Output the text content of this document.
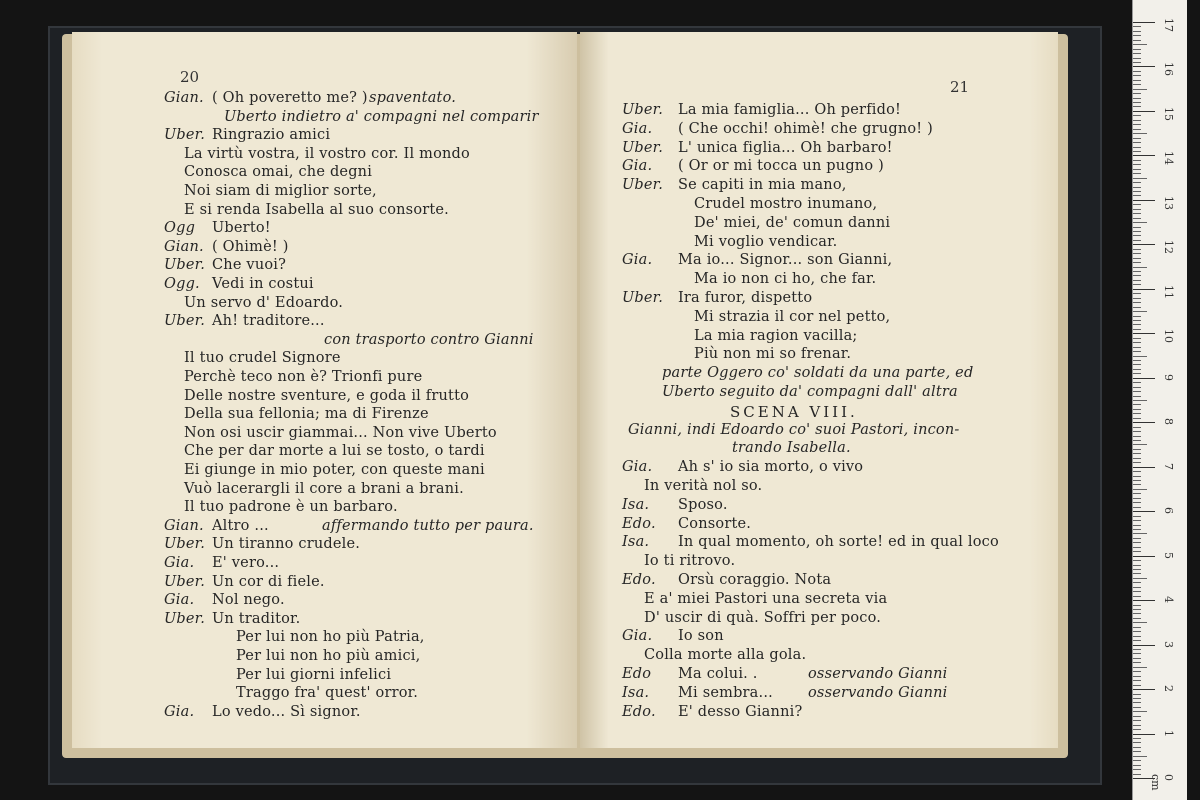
20
Gian. ( Oh poveretto me? ) spaventato.
Uberto indietro a' compagni nel comparir
Uber. Ringrazio amici
La virtù vostra, il vostro cor. Il mondo
Conosca omai, che degni
Noi siam di miglior sorte,
E si renda Isabella al suo consorte.
Ogg Uberto!
Gian. ( Ohimè! )
Uber. Che vuoi?
Ogg. Vedi in costui
Un servo d' Edoardo.
Uber. Ah! traditore...
con trasporto contro Gianni
Il tuo crudel Signore
Perchè teco non è? Trionfi pure
Delle nostre sventure, e goda il frutto
Della sua fellonia; ma di Firenze
Non osi uscir giammai... Non vive Uberto
Che per dar morte a lui se tosto, o tardi
Ei giunge in mio poter, con queste mani
Vuò lacerargli il core a brani a brani.
Il tuo padrone è un barbaro.
Gian. Altro ...	affermando tutto per paura.
Uber. Un tiranno crudele.
Gia. E' vero...
Uber. Un cor di fiele.
Gia. Nol nego.
Uber. Un traditor.
Per lui non ho più Patria,
Per lui non ho più amici,
Per lui giorni infelici
Traggo fra' quest' orror.
Gia. Lo vedo... Sì signor.
21
Uber. La mia famiglia... Oh perfido!
Gia. ( Che occhi! ohimè! che grugno! )
Uber. L' unica figlia... Oh barbaro!
Gia. ( Or or mi tocca un pugno )
Uber. Se capiti in mia mano,
Crudel mostro inumano,
De' miei, de' comun danni
Mi voglio vendicar.
Gia. Ma io... Signor... son Gianni,
Ma io non ci ho, che far.
Uber. Ira furor, dispetto
Mi strazia il cor nel petto,
La mia ragion vacilla;
Più non mi so frenar.
parte Oggero co' soldati da una parte, ed
Uberto seguito da' compagni dall' altra
SCENA VIII.
Gianni, indi Edoardo co' suoi Pastori, incon-
trando Isabella.
Gia. Ah s' io sia morto, o vivo
In verità nol so.
Isa. Sposo.
Edo. Consorte.
Isa. In qual momento, oh sorte! ed in qual loco
Io ti ritrovo.
Edo. Orsù coraggio. Nota
E a' miei Pastori una secreta via
D' uscir di quà. Soffri per poco.
Gia. Io son
Colla morte alla gola.
Edo Ma colui. .	osservando Gianni
Isa. Mi sembra... osservando Gianni
Edo. E' desso Gianni?
17
16
15
14
13
12
11
10
9
8
7
6
5
4
3
2
1
0 cm
